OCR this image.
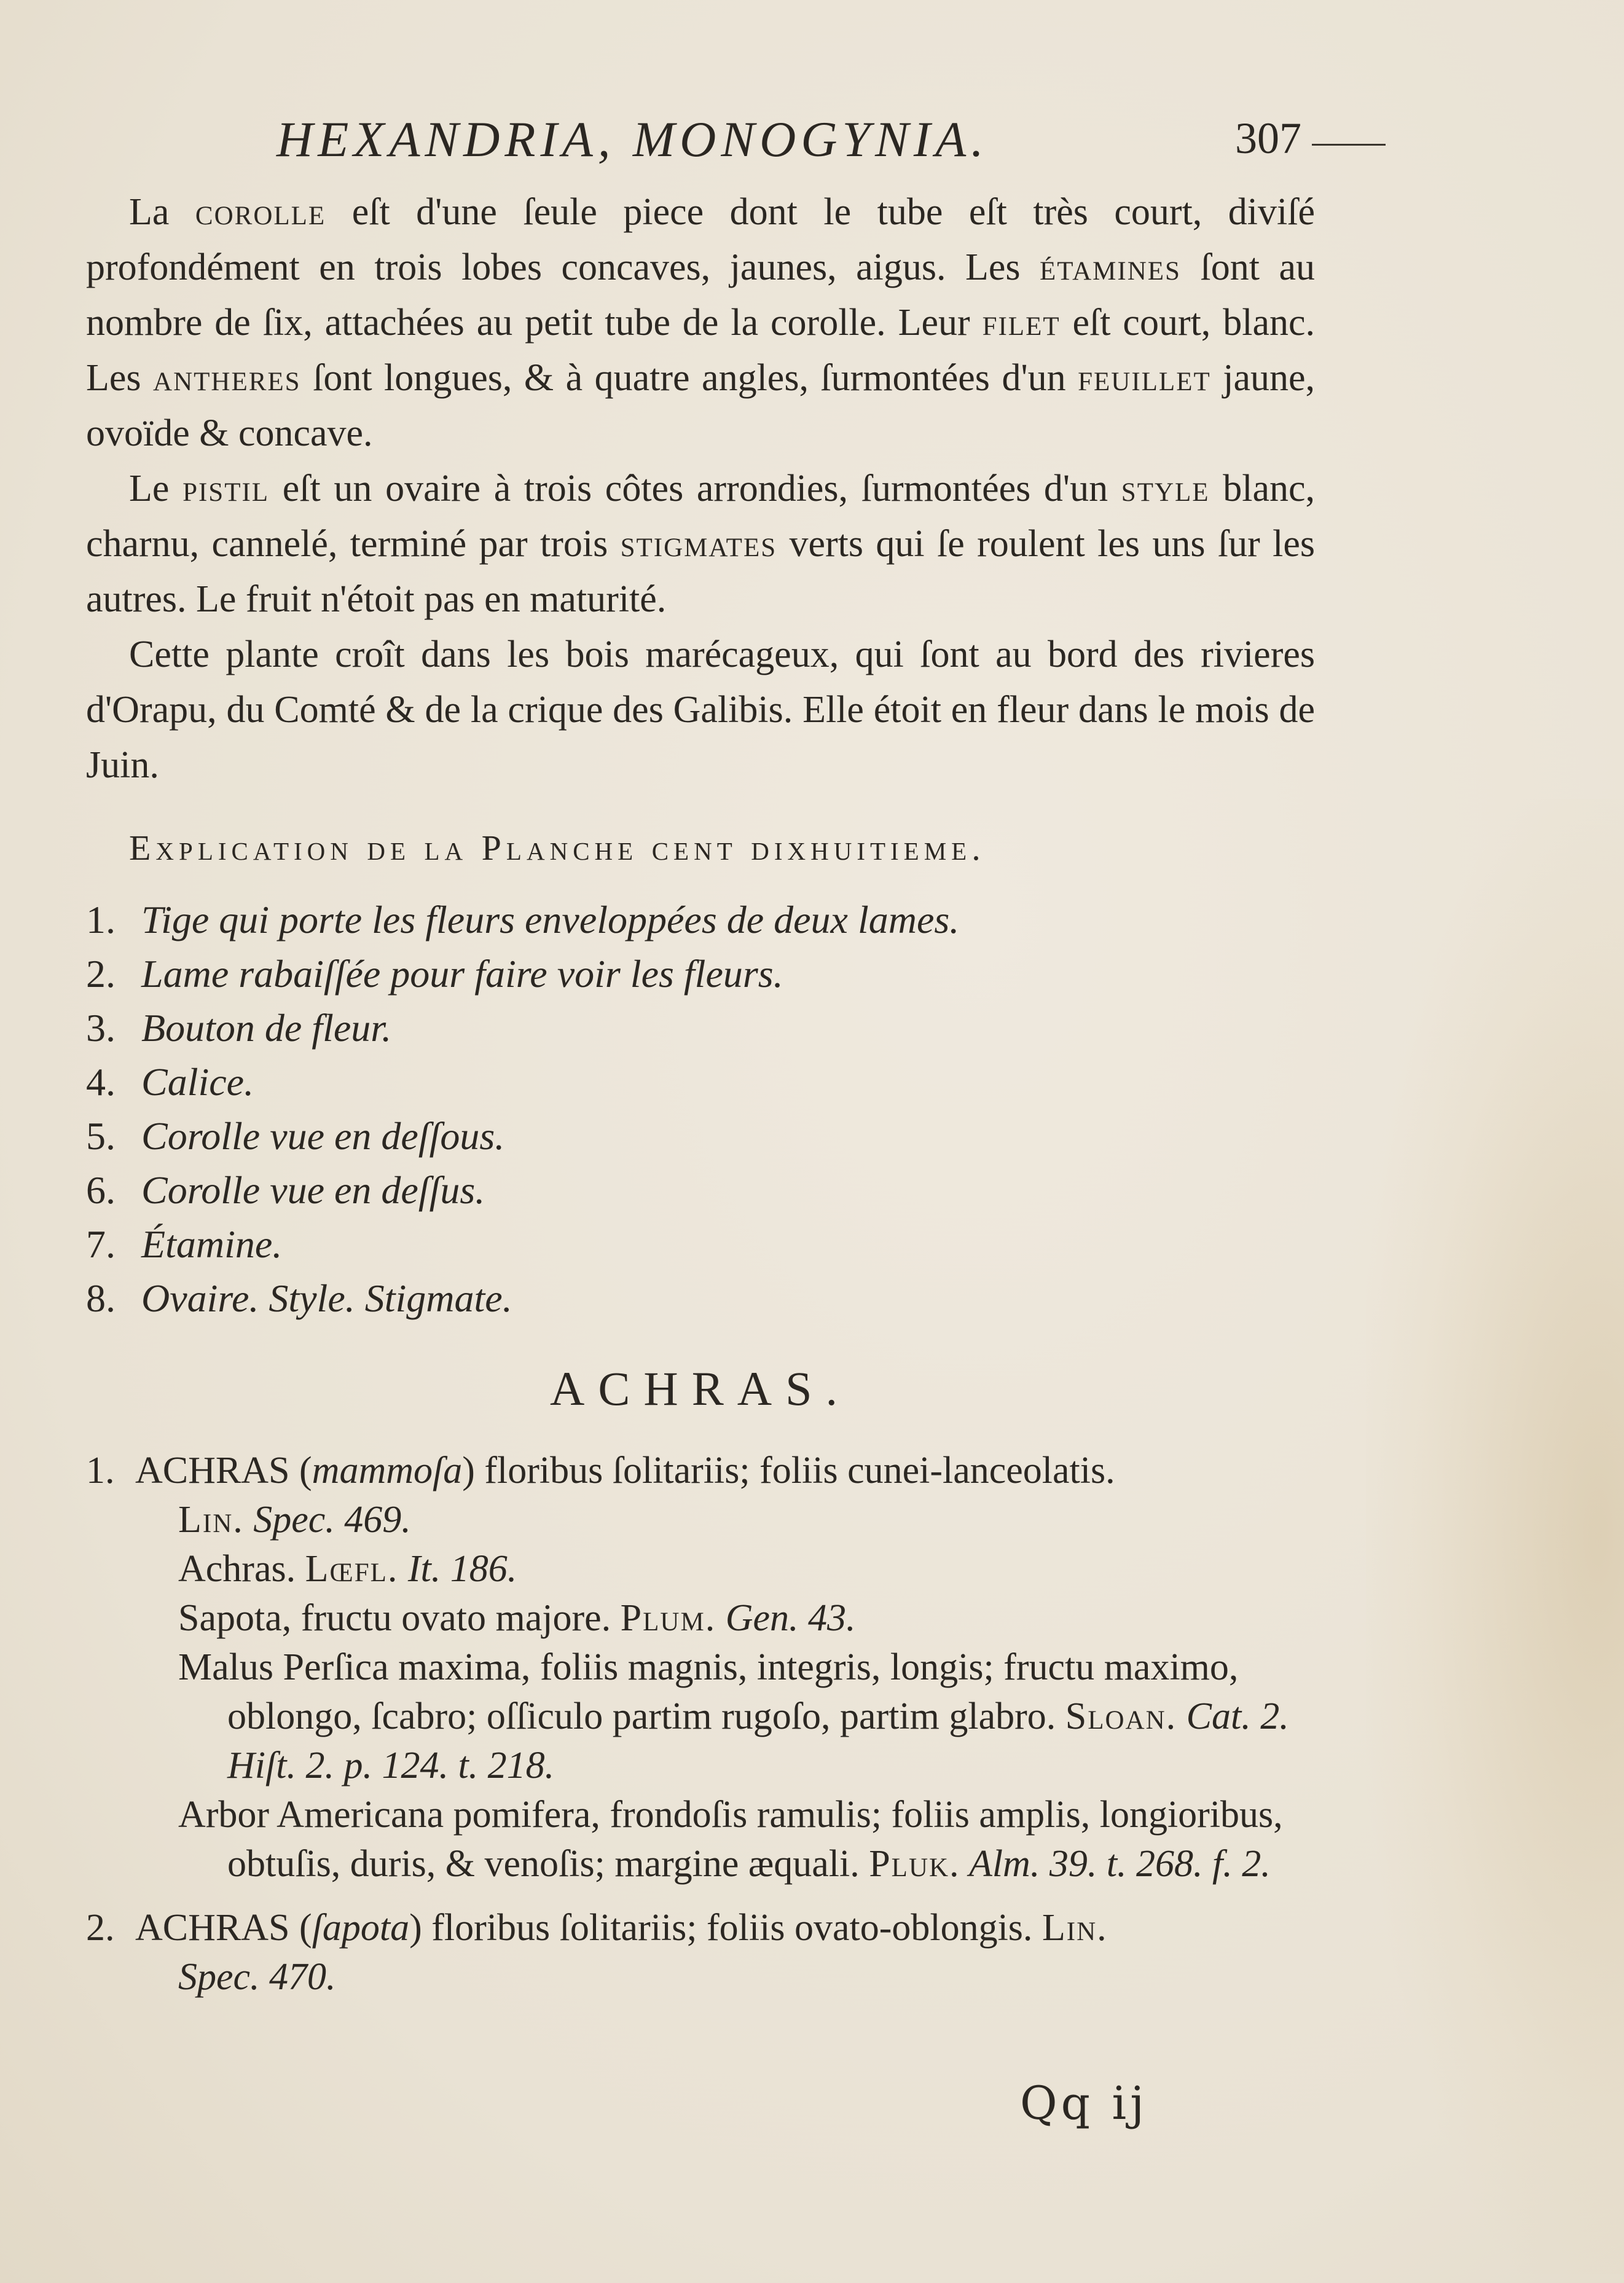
HEXANDRIA, MONOGYNIA.	307

La corolle eſt d'une ſeule piece dont le tube eſt très court, diviſé profondément en trois lobes concaves, jaunes, aigus. Les étamines ſont au nombre de ſix, attachées au petit tube de la corolle. Leur filet eſt court, blanc. Les antheres ſont longues, & à quatre angles, ſurmontées d'un feuillet jaune, ovoïde & concave.

Le pistil eſt un ovaire à trois côtes arrondies, ſurmontées d'un style blanc, charnu, cannelé, terminé par trois stigmates verts qui ſe roulent les uns ſur les autres. Le fruit n'étoit pas en maturité.

Cette plante croît dans les bois marécageux, qui ſont au bord des rivieres d'Orapu, du Comté & de la crique des Galibis. Elle étoit en fleur dans le mois de Juin.

Explication de la Planche cent dixhuitieme.
1. Tige qui porte les fleurs enveloppées de deux lames.
2. Lame rabaiſſée pour faire voir les fleurs.
3. Bouton de fleur.
4. Calice.
5. Corolle vue en deſſous.
6. Corolle vue en deſſus.
7. Étamine.
8. Ovaire. Style. Stigmate.
ACHRAS.
1. ACHRAS (mammoſa) floribus ſolitariis; foliis cunei-lanceolatis.
Lin. Spec. 469.
Achras. Lœfl. It. 186.
Sapota, fructu ovato majore. Plum. Gen. 43.
Malus Perſica maxima, foliis magnis, integris, longis; fructu maximo, oblongo, ſcabro; oſſiculo partim rugoſo, partim glabro. Sloan. Cat. 2. Hiſt. 2. p. 124. t. 218.
Arbor Americana pomifera, frondoſis ramulis; foliis amplis, longioribus, obtuſis, duris, & venoſis; margine æquali. Pluk. Alm. 39. t. 268. f. 2.
2. ACHRAS (ſapota) floribus ſolitariis; foliis ovato-oblongis. Lin.
Spec. 470.
Qq ij
